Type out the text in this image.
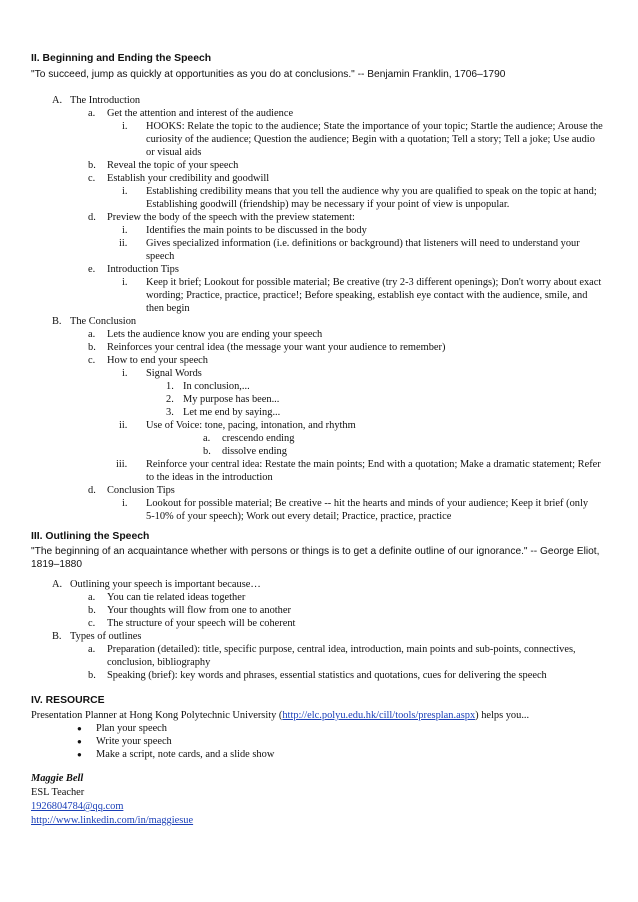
II. Beginning and Ending the Speech
"To succeed, jump as quickly at opportunities as you do at conclusions." -- Benjamin Franklin, 1706–1790
A. The Introduction
a. Get the attention and interest of the audience
i. HOOKS: Relate the topic to the audience; State the importance of your topic; Startle the audience; Arouse the
curiosity of the audience; Question the audience; Begin with a quotation; Tell a story; Tell a joke; Use audio
or visual aids
b. Reveal the topic of your speech
c. Establish your credibility and goodwill
i. Establishing credibility means that you tell the audience why you are qualified to speak on the topic at hand;
Establishing goodwill (friendship) may be necessary if your point of view is unpopular.
d. Preview the body of the speech with the preview statement:
i. Identifies the main points to be discussed in the body
ii. Gives specialized information (i.e. definitions or background) that listeners will need to understand your
speech
e. Introduction Tips
i. Keep it brief; Lookout for possible material; Be creative (try 2-3 different openings); Don't worry about exact
wording; Practice, practice, practice!; Before speaking, establish eye contact with the audience, smile, and
then begin
B. The Conclusion
a. Lets the audience know you are ending your speech
b. Reinforces your central idea (the message your want your audience to remember)
c. How to end your speech
i. Signal Words
1. In conclusion,...
2. My purpose has been...
3. Let me end by saying...
ii. Use of Voice: tone, pacing, intonation, and rhythm
a. crescendo ending
b. dissolve ending
iii. Reinforce your central idea: Restate the main points; End with a quotation; Make a dramatic statement; Refer
to the ideas in the introduction
d. Conclusion Tips
i. Lookout for possible material; Be creative -- hit the hearts and minds of your audience; Keep it brief (only
5-10% of your speech); Work out every detail; Practice, practice, practice
III. Outlining the Speech
"The beginning of an acquaintance whether with persons or things is to get a definite outline of our ignorance." -- George Eliot,
1819–1880
A. Outlining your speech is important because…
a. You can tie related ideas together
b. Your thoughts will flow from one to another
c. The structure of your speech will be coherent
B. Types of outlines
a. Preparation (detailed): title, specific purpose, central idea, introduction, main points and sub-points, connectives,
conclusion, bibliography
b. Speaking (brief): key words and phrases, essential statistics and quotations, cues for delivering the speech
IV. RESOURCE
Presentation Planner at Hong Kong Polytechnic University (http://elc.polyu.edu.hk/cill/tools/presplan.aspx) helps you...
● Plan your speech
● Write your speech
● Make a script, note cards, and a slide show
Maggie Bell
ESL Teacher
1926804784@qq.com
http://www.linkedin.com/in/maggiesue
